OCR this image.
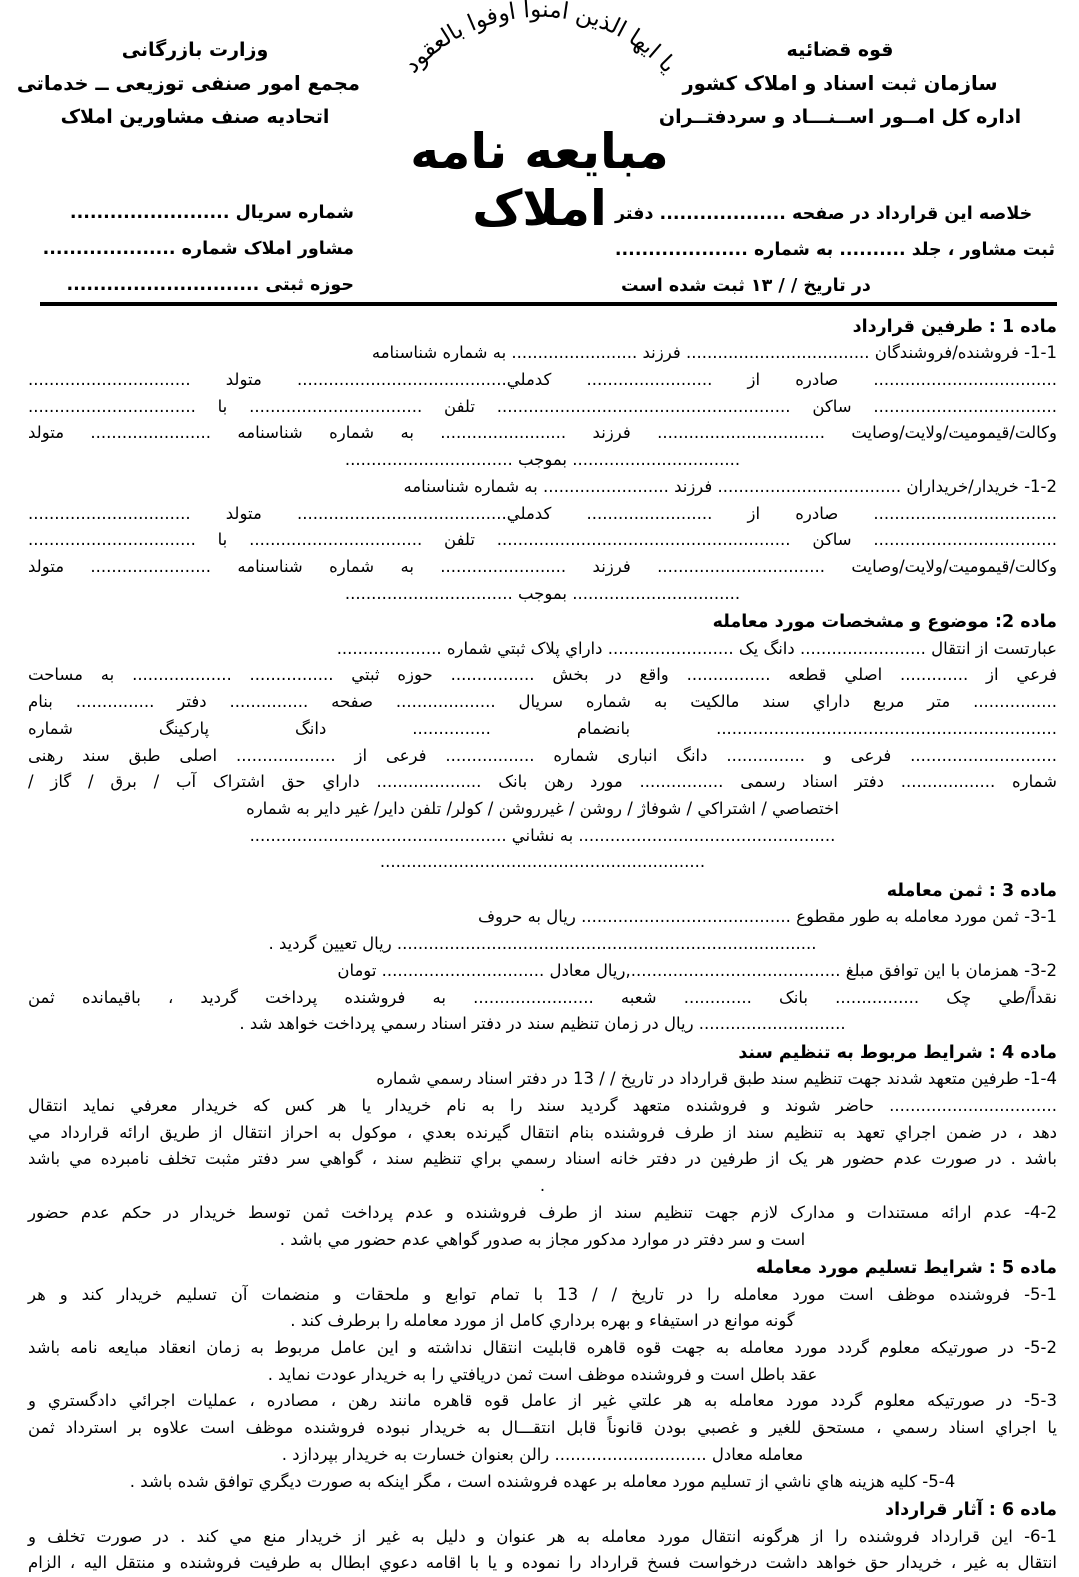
قوه قضائیه
سازمان ثبت اسناد و املاک کشور
اداره کل امــور اســنـــاد و سردفتــران
وزارت بازرگانی
مجمع امور صنفی توزیعی ــ خدماتی
اتحادیه صنف مشاورین املاک
يا ايها الذين امنوا اوفوا بالعقود
مبایعه نامه
املاک خلاصه این قرارداد در صفحه ................... دفتر
ثبت مشاور ، جلد .......... به شماره ....................
در تاریخ / / ۱۳ ثبت شده است
شماره سریال ........................
مشاور املاک شماره ....................
حوزه ثبتی .............................
ماده 1 : طرفین قرارداد
1-1- فروشنده/فروشندگان ................................... فرزند ........................ به شماره شناسنامه
................................... صادره از ........................ کدملي........................................ متولد ...............................
................................... ساکن ........................................................ تلفن ................................. با ................................
وکالت/قیمومیت/ولایت/وصایت ................................ فرزند ........................ به شماره شناسنامه ....................... متولد
................................ بموجب ................................
1-2- خریدار/خریداران ................................... فرزند ........................ به شماره شناسنامه
................................... صادره از ........................ کدملي........................................ متولد ...............................
................................... ساکن ........................................................ تلفن ................................. با ................................
وکالت/قیمومیت/ولایت/وصایت ................................ فرزند ........................ به شماره شناسنامه ....................... متولد
................................ بموجب ................................
ماده 2: موضوع و مشخصات مورد معامله
عبارتست از انتقال ........................ دانگ یک ........................ داراي پلاک ثبتي شماره ....................
فرعي از ............. اصلي قطعه ................ واقع در بخش ................ حوزه ثبتي ................ ................... به مساحت
................ متر مربع داراي سند مالکیت به شماره سریال ................... صفحه ............... دفتر ............... بنام
................................................................. بانضمام ............... دانگ پارکینگ شماره
............................ فرعی و ............... دانگ انباری شماره ................. فرعی از ................... اصلی طبق سند رهنی
شماره .................. دفتر اسناد رسمی ................ مورد رهن بانک .................... داراي حق اشتراک آب / برق / گاز /
اختصاصي / اشتراکي / شوفاژ / روشن / غیرروشن / کولر/ تلفن دایر/ غیر دایر به شماره
................................................. به نشاني .................................................
..............................................................
ماده 3 : ثمن معامله
3-1- ثمن مورد معامله به طور مقطوع ........................................ ریال به حروف
................................................................................ ریال تعیین گردید .
3-2- همزمان با این توافق مبلغ ........................................,ریال معادل ............................... تومان
نقداً/طي چک ................ بانک ............. شعبه ....................... به فروشنده پرداخت گردید ، باقیمانده ثمن
............................ ریال در زمان تنظیم سند در دفتر اسناد رسمي پرداخت خواهد شد .
ماده 4 : شرایط مربوط به تنظیم سند
1-4- طرفین متعهد شدند جهت تنظیم سند طبق قرارداد در تاریخ / / 13 در دفتر اسناد رسمي شماره
................................ حاضر شوند و فروشنده متعهد گردید سند را به نام خریدار یا هر کس که خریدار معرفي نماید انتقال
دهد ، در ضمن اجراي تعهد به تنظیم سند از طرف فروشنده بنام انتقال گیرنده بعدي ، موکول به احراز انتقال از طریق ارائه قرارداد مي
باشد . در صورت عدم حضور هر یک از طرفین در دفتر خانه اسناد رسمي براي تنظیم سند ، گواهي سر دفتر مثبت تخلف نامبرده مي باشد
.
4-2- عدم ارائه مستندات و مدارک لازم جهت تنظیم سند از طرف فروشنده و عدم پرداخت ثمن توسط خریدار در حکم عدم حضور
است و سر دفتر در موارد مدکور مجاز به صدور گواهي عدم حضور مي باشد .
ماده 5 : شرایط تسلیم مورد معامله
5-1- فروشنده موظف است مورد معامله را در تاریخ / / 13 با تمام توابع و ملحقات و منضمات آن تسلیم خریدار کند و هر
گونه موانع در استیفاء و بهره برداري کامل از مورد معامله را برطرف کند .
5-2- در صورتیکه معلوم گردد مورد معامله به جهت قوه قاهره قابلیت انتقال نداشته و این عامل مربوط به زمان انعقاد مبایعه نامه باشد
عقد باطل است و فروشنده موظف است ثمن دریافتي را به خریدار عودت نماید .
5-3- در صورتیکه معلوم گردد مورد معامله به هر علتي غیر از عامل قوه قاهره مانند رهن ، مصادره ، عملیات اجرائي دادگستري و
یا اجراي اسناد رسمي ، مستحق للغیر و غصبي بودن قانوناً قابل انتقـــال به خریدار نبوده فروشنده موظف است علاوه بر استرداد ثمن
معامله معادل ............................. رالن بعنوان خسارت به خریدار بپردازد .
5-4- کلیه هزینه هاي ناشي از تسلیم مورد معامله بر عهده فروشنده است ، مگر اینکه به صورت دیگري توافق شده باشد .
ماده 6 : آثار قرارداد
6-1- این قرارداد فروشنده را از هرگونه انتقال مورد معامله به هر عنوان و دلیل به غیر از خریدار منع مي کند . در صورت تخلف و
انتقال به غیر ، خریدار حق خواهد داشت درخواست فسخ قرارداد را نموده و یا با اقامه دعوي ابطال به طرفیت فروشنده و منتقل الیه ، الزام
